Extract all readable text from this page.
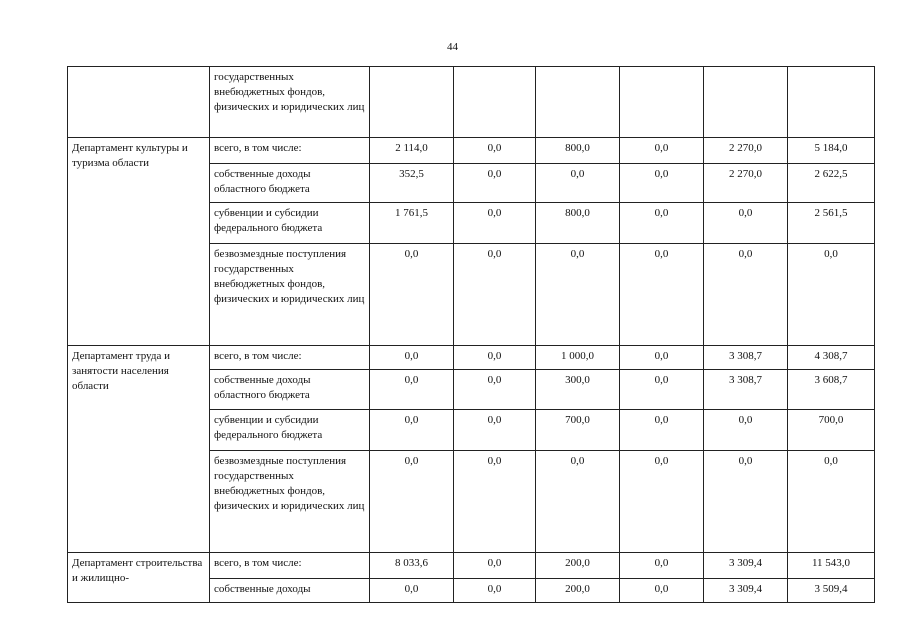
44
	государственных внебюджетных фондов, физических и юридических лиц						
Департамент культуры и туризма области	всего, в том числе:	2 114,0	0,0	800,0	0,0	2 270,0	5 184,0
	собственные доходы областного бюджета	352,5	0,0	0,0	0,0	2 270,0	2 622,5
	субвенции и субсидии федерального бюджета	1 761,5	0,0	800,0	0,0	0,0	2 561,5
	безвозмездные поступления государственных внебюджетных фондов, физических и юридических лиц	0,0	0,0	0,0	0,0	0,0	0,0
Департамент труда и занятости населения области	всего, в том числе:	0,0	0,0	1 000,0	0,0	3 308,7	4 308,7
	собственные доходы областного бюджета	0,0	0,0	300,0	0,0	3 308,7	3 608,7
	субвенции и субсидии федерального бюджета	0,0	0,0	700,0	0,0	0,0	700,0
	безвозмездные поступления государственных внебюджетных фондов, физических и юридических лиц	0,0	0,0	0,0	0,0	0,0	0,0
Департамент строительства и жилищно-	всего, в том числе:	8 033,6	0,0	200,0	0,0	3 309,4	11 543,0
	собственные доходы	0,0	0,0	200,0	0,0	3 309,4	3 509,4
